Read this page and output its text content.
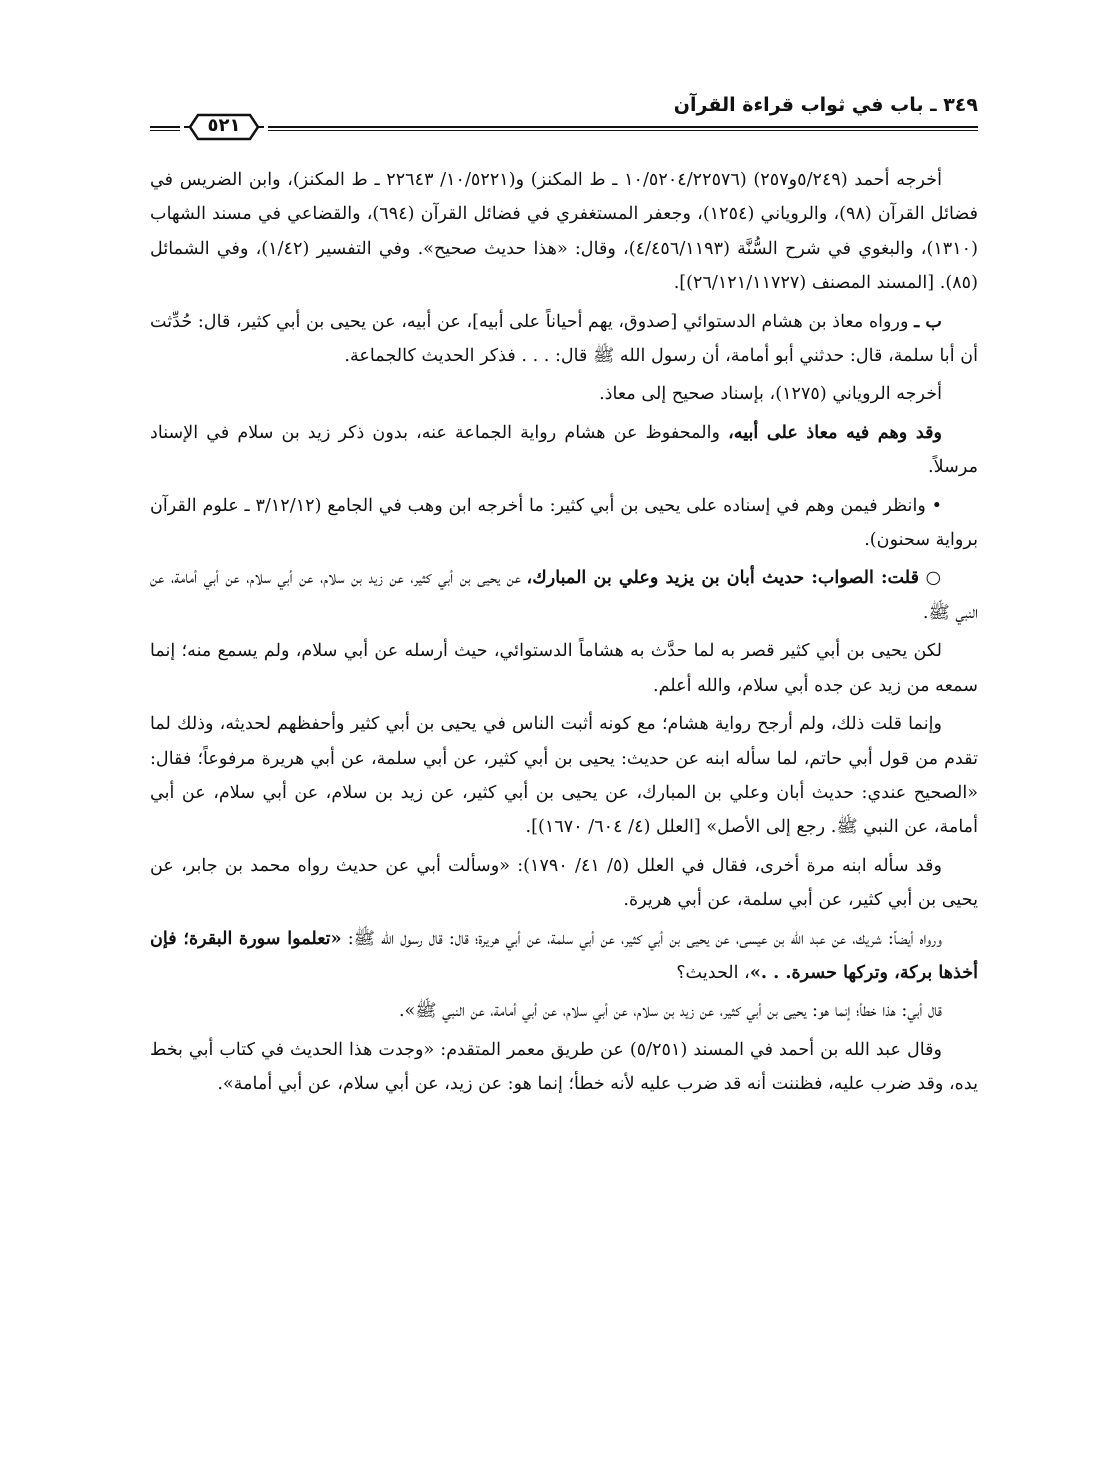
٣٤٩ ـ باب في ثواب قراءة القرآن
٥٢١

أخرجه أحمد (٥/٢٤٩و٢٥٧) (١٠/٥٢٠٤/٢٢٥٧٦ ـ ط المكنز) و(١٠/٥٢٢١/ ٢٢٦٤٣ ـ ط المكنز)، وابن الضريس في فضائل القرآن (٩٨)، والروياني (١٢٥٤)، وجعفر المستغفري في فضائل القرآن (٦٩٤)، والقضاعي في مسند الشهاب (١٣١٠)، والبغوي في شرح السُّنَّة (٤/٤٥٦/١١٩٣)، وقال: «هذا حديث صحيح». وفي التفسير (١/٤٢)، وفي الشمائل (٨٥). [المسند المصنف (٢٦/١٢١/١١٧٢٧)].

ب ـ ورواه معاذ بن هشام الدستوائي [صدوق، يهم أحياناً على أبيه]، عن أبيه، عن يحيى بن أبي كثير، قال: حُدِّثت أن أبا سلمة، قال: حدثني أبو أمامة، أن رسول الله ﷺ قال: . . . فذكر الحديث كالجماعة.

أخرجه الروياني (١٢٧٥)، بإسناد صحيح إلى معاذ.

وقد وهم فيه معاذ على أبيه، والمحفوظ عن هشام رواية الجماعة عنه، بدون ذكر زيد بن سلام في الإسناد مرسلاً.

• وانظر فيمن وهم في إسناده على يحيى بن أبي كثير: ما أخرجه ابن وهب في الجامع (٣/١٢/١٢ ـ علوم القرآن برواية سحنون).

○ قلت: الصواب: حديث أبان بن يزيد وعلي بن المبارك، عن يحيى بن أبي كثير، عن زيد بن سلام، عن أبي سلام، عن أبي أمامة، عن النبي ﷺ.

لكن يحيى بن أبي كثير قصر به لما حدَّث به هشاماً الدستوائي، حيث أرسله عن أبي سلام، ولم يسمع منه؛ إنما سمعه من زيد عن جده أبي سلام، والله أعلم.

وإنما قلت ذلك، ولم أرجح رواية هشام؛ مع كونه أثبت الناس في يحيى بن أبي كثير وأحفظهم لحديثه، وذلك لما تقدم من قول أبي حاتم، لما سأله ابنه عن حديث: يحيى بن أبي كثير، عن أبي سلمة، عن أبي هريرة مرفوعاً؛ فقال: «الصحيح عندي: حديث أبان وعلي بن المبارك، عن يحيى بن أبي كثير، عن زيد بن سلام، عن أبي سلام، عن أبي أمامة، عن النبي ﷺ. رجع إلى الأصل» [العلل (٤/ ٦٠٤/ ١٦٧٠)].

وقد سأله ابنه مرة أخرى، فقال في العلل (٥/ ٤١/ ١٧٩٠): «وسألت أبي عن حديث رواه محمد بن جابر، عن يحيى بن أبي كثير، عن أبي سلمة، عن أبي هريرة.

ورواه أيضاً: شريك، عن عبد الله بن عيسى، عن يحيى بن أبي كثير، عن أبي سلمة، عن أبي هريرة؛ قال: قال رسول الله ﷺ: «تعلموا سورة البقرة؛ فإن أخذها بركة، وتركها حسرة. . .»، الحديث؟

قال أبي: هذا خطأ؛ إنما هو: يحيى بن أبي كثير، عن زيد بن سلام، عن أبي سلام، عن أبي أمامة، عن النبي ﷺ».

وقال عبد الله بن أحمد في المسند (٥/٢٥١) عن طريق معمر المتقدم: «وجدت هذا الحديث في كتاب أبي بخط يده، وقد ضرب عليه، فظننت أنه قد ضرب عليه لأنه خطأ؛ إنما هو: عن زيد، عن أبي سلام، عن أبي أمامة».
